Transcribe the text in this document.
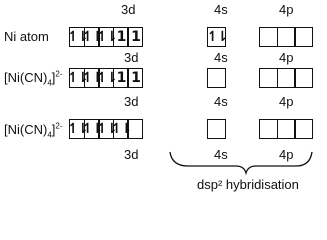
3d	4s	4p
Ni atom ↿⇂
↿⇂
↿⇂ 1 1	↿⇂
3d	4s	4p
$[Ni(CN)_4]^{2-}$ ↿⇂
↿⇂
↿⇂ 1 1
3d	4s	4p
$[Ni(CN)_4]^{2-}$ ↿⇂
↿⇂
↿⇂
↿⇂
3d	4s	4p
dsp² hybridisation
